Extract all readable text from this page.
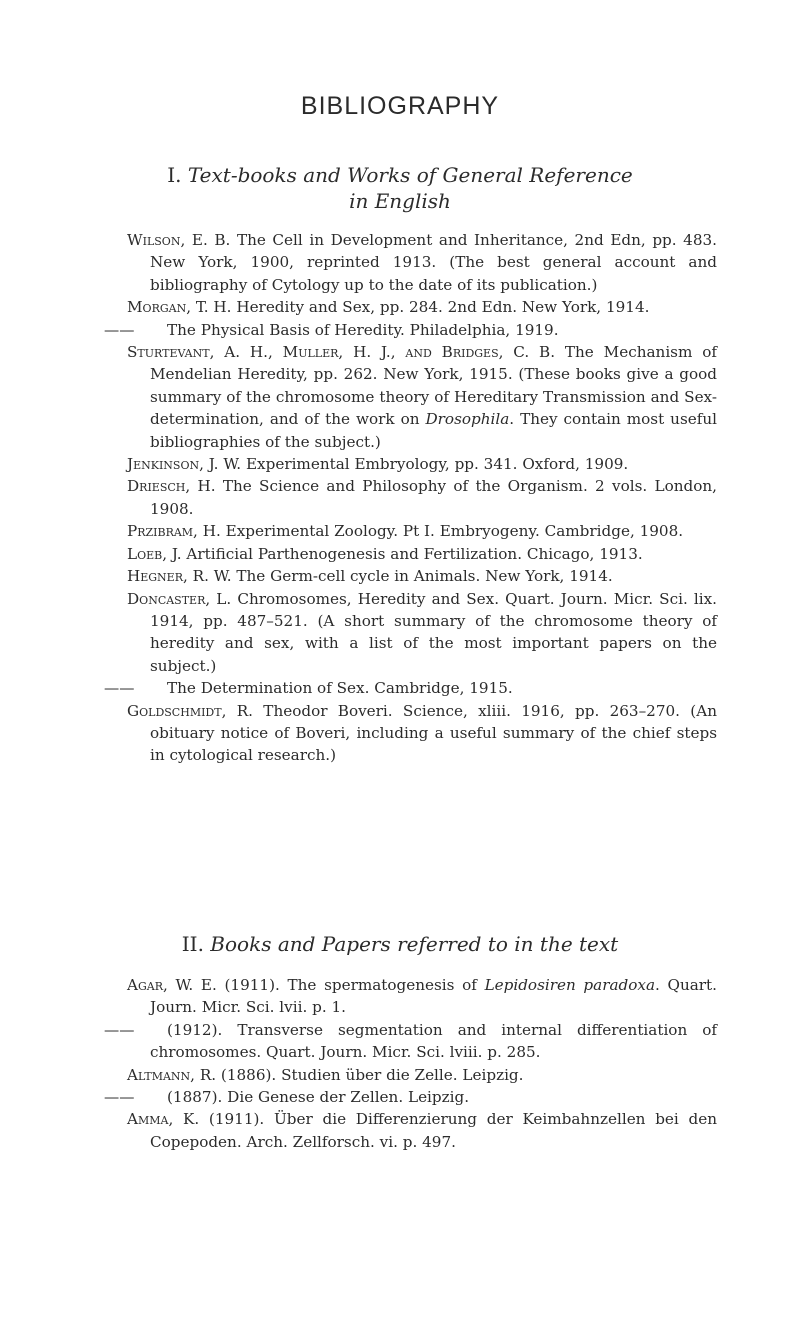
BIBLIOGRAPHY
I. Text-books and Works of General Reference
in English

Wilson, E. B. The Cell in Development and Inheritance, 2nd Edn, pp. 483. New York, 1900, reprinted 1913. (The best general account and bibliography of Cytology up to the date of its publication.)

Morgan, T. H. Heredity and Sex, pp. 284. 2nd Edn. New York, 1914.

—— The Physical Basis of Heredity. Philadelphia, 1919.

Sturtevant, A. H., Muller, H. J., and Bridges, C. B. The Mechanism of Mendelian Heredity, pp. 262. New York, 1915. (These books give a good summary of the chromosome theory of Hereditary Transmission and Sex-determination, and of the work on Drosophila. They contain most useful bibliographies of the subject.)

Jenkinson, J. W. Experimental Embryology, pp. 341. Oxford, 1909.

Driesch, H. The Science and Philosophy of the Organism. 2 vols. London, 1908.

Przibram, H. Experimental Zoology. Pt I. Embryogeny. Cambridge, 1908.

Loeb, J. Artificial Parthenogenesis and Fertilization. Chicago, 1913.

Hegner, R. W. The Germ-cell cycle in Animals. New York, 1914.

Doncaster, L. Chromosomes, Heredity and Sex. Quart. Journ. Micr. Sci. lix. 1914, pp. 487–521. (A short summary of the chromosome theory of heredity and sex, with a list of the most important papers on the subject.)

—— The Determination of Sex. Cambridge, 1915.

Goldschmidt, R. Theodor Boveri. Science, xliii. 1916, pp. 263–270. (An obituary notice of Boveri, including a useful summary of the chief steps in cytological research.)

II. Books and Papers referred to in the text

Agar, W. E. (1911). The spermatogenesis of Lepidosiren paradoxa. Quart. Journ. Micr. Sci. lvii. p. 1.

—— (1912). Transverse segmentation and internal differentiation of chromosomes. Quart. Journ. Micr. Sci. lviii. p. 285.

Altmann, R. (1886). Studien über die Zelle. Leipzig.

—— (1887). Die Genese der Zellen. Leipzig.

Amma, K. (1911). Über die Differenzierung der Keimbahnzellen bei den Copepoden. Arch. Zellforsch. vi. p. 497.
